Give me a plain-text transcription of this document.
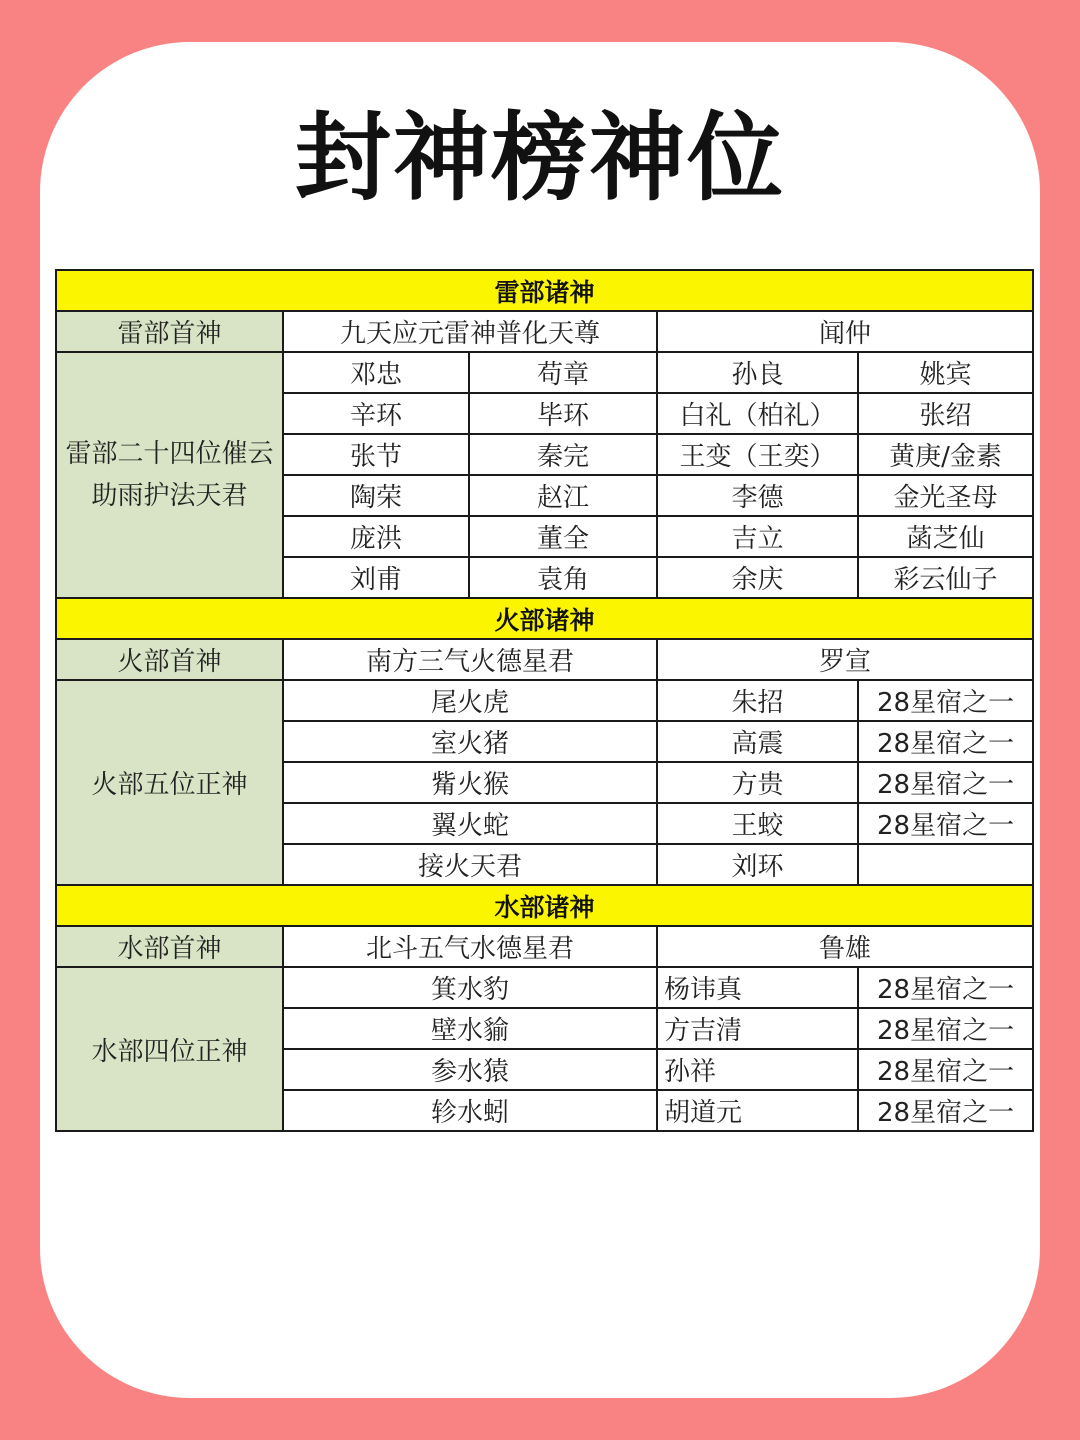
封神榜神位
雷部诸神				
雷部首神	九天应元雷神普化天尊		闻仲	
雷部二十四位催云助雨护法天君	邓忠	苟章	孙良	姚宾
	辛环	毕环	白礼（柏礼）	张绍
	张节	秦完	王变（王奕）	黄庚/金素
	陶荣	赵江	李德	金光圣母
	庞洪	董全	吉立	菡芝仙
	刘甫	袁角	余庆	彩云仙子
火部诸神				
火部首神	南方三气火德星君		罗宣	
火部五位正神	尾火虎		朱招	28星宿之一
	室火猪		高震	28星宿之一
	觜火猴		方贵	28星宿之一
	翼火蛇		王蛟	28星宿之一
	接火天君		刘环	
水部诸神				
水部首神	北斗五气水德星君		鲁雄	
水部四位正神	箕水豹		杨讳真	28星宿之一
	壁水貐		方吉清	28星宿之一
	参水猿		孙祥	28星宿之一
	轸水蚓		胡道元	28星宿之一
